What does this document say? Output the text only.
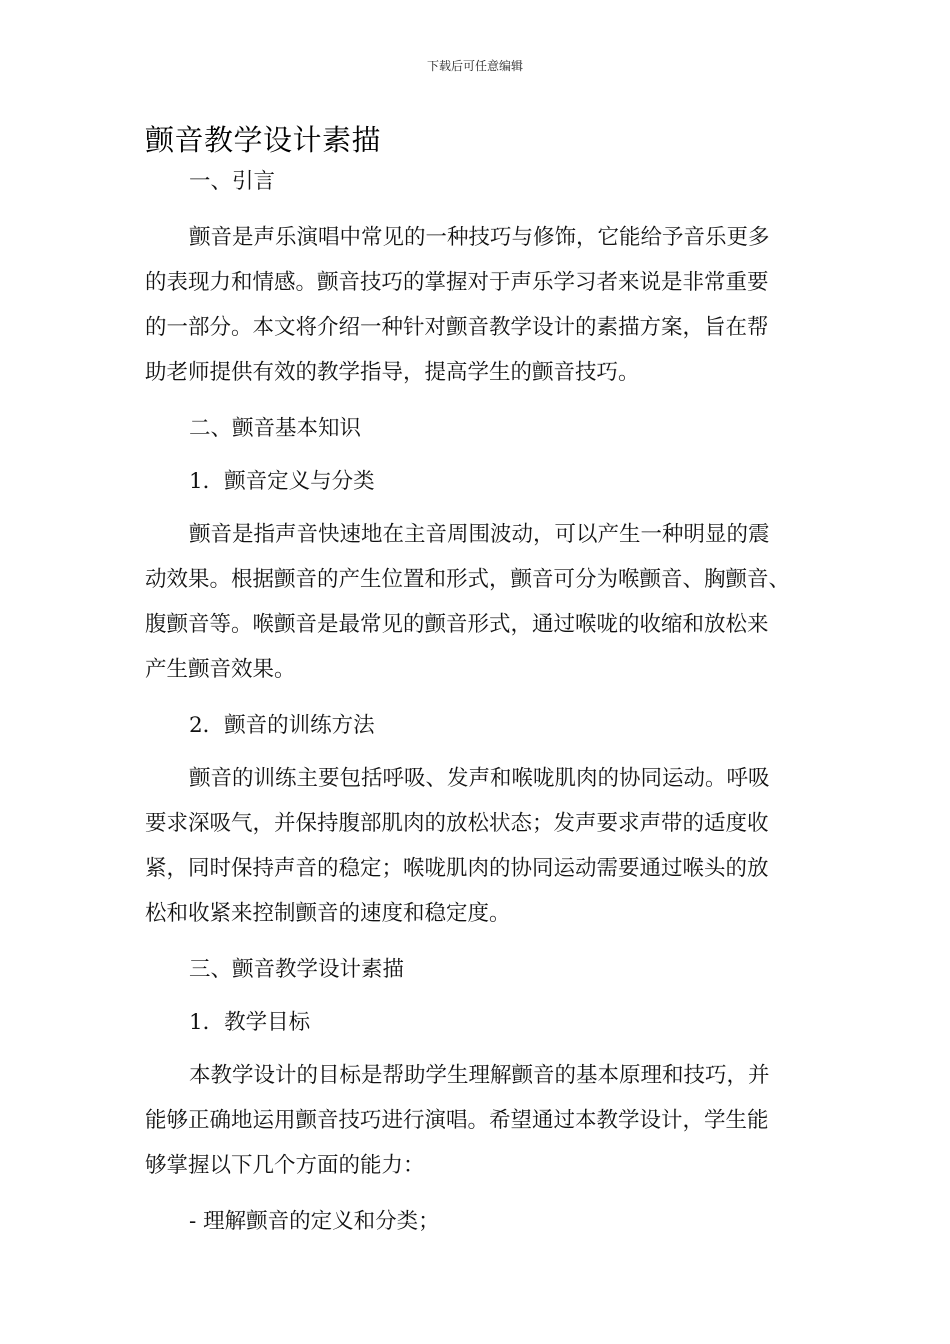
下载后可任意编辑
颤音教学设计素描
一、引言
颤音是声乐演唱中常见的一种技巧与修饰，它能给予音乐更多
的表现力和情感。颤音技巧的掌握对于声乐学习者来说是非常重要
的一部分。本文将介绍一种针对颤音教学设计的素描方案，旨在帮
助老师提供有效的教学指导，提高学生的颤音技巧。
二、颤音基本知识
1．颤音定义与分类
颤音是指声音快速地在主音周围波动，可以产生一种明显的震
动效果。根据颤音的产生位置和形式，颤音可分为喉颤音、胸颤音、
腹颤音等。喉颤音是最常见的颤音形式，通过喉咙的收缩和放松来
产生颤音效果。
2．颤音的训练方法
颤音的训练主要包括呼吸、发声和喉咙肌肉的协同运动。呼吸
要求深吸气，并保持腹部肌肉的放松状态；发声要求声带的适度收
紧，同时保持声音的稳定；喉咙肌肉的协同运动需要通过喉头的放
松和收紧来控制颤音的速度和稳定度。
三、颤音教学设计素描
1．教学目标
本教学设计的目标是帮助学生理解颤音的基本原理和技巧，并
能够正确地运用颤音技巧进行演唱。希望通过本教学设计，学生能
够掌握以下几个方面的能力：
- 理解颤音的定义和分类；
